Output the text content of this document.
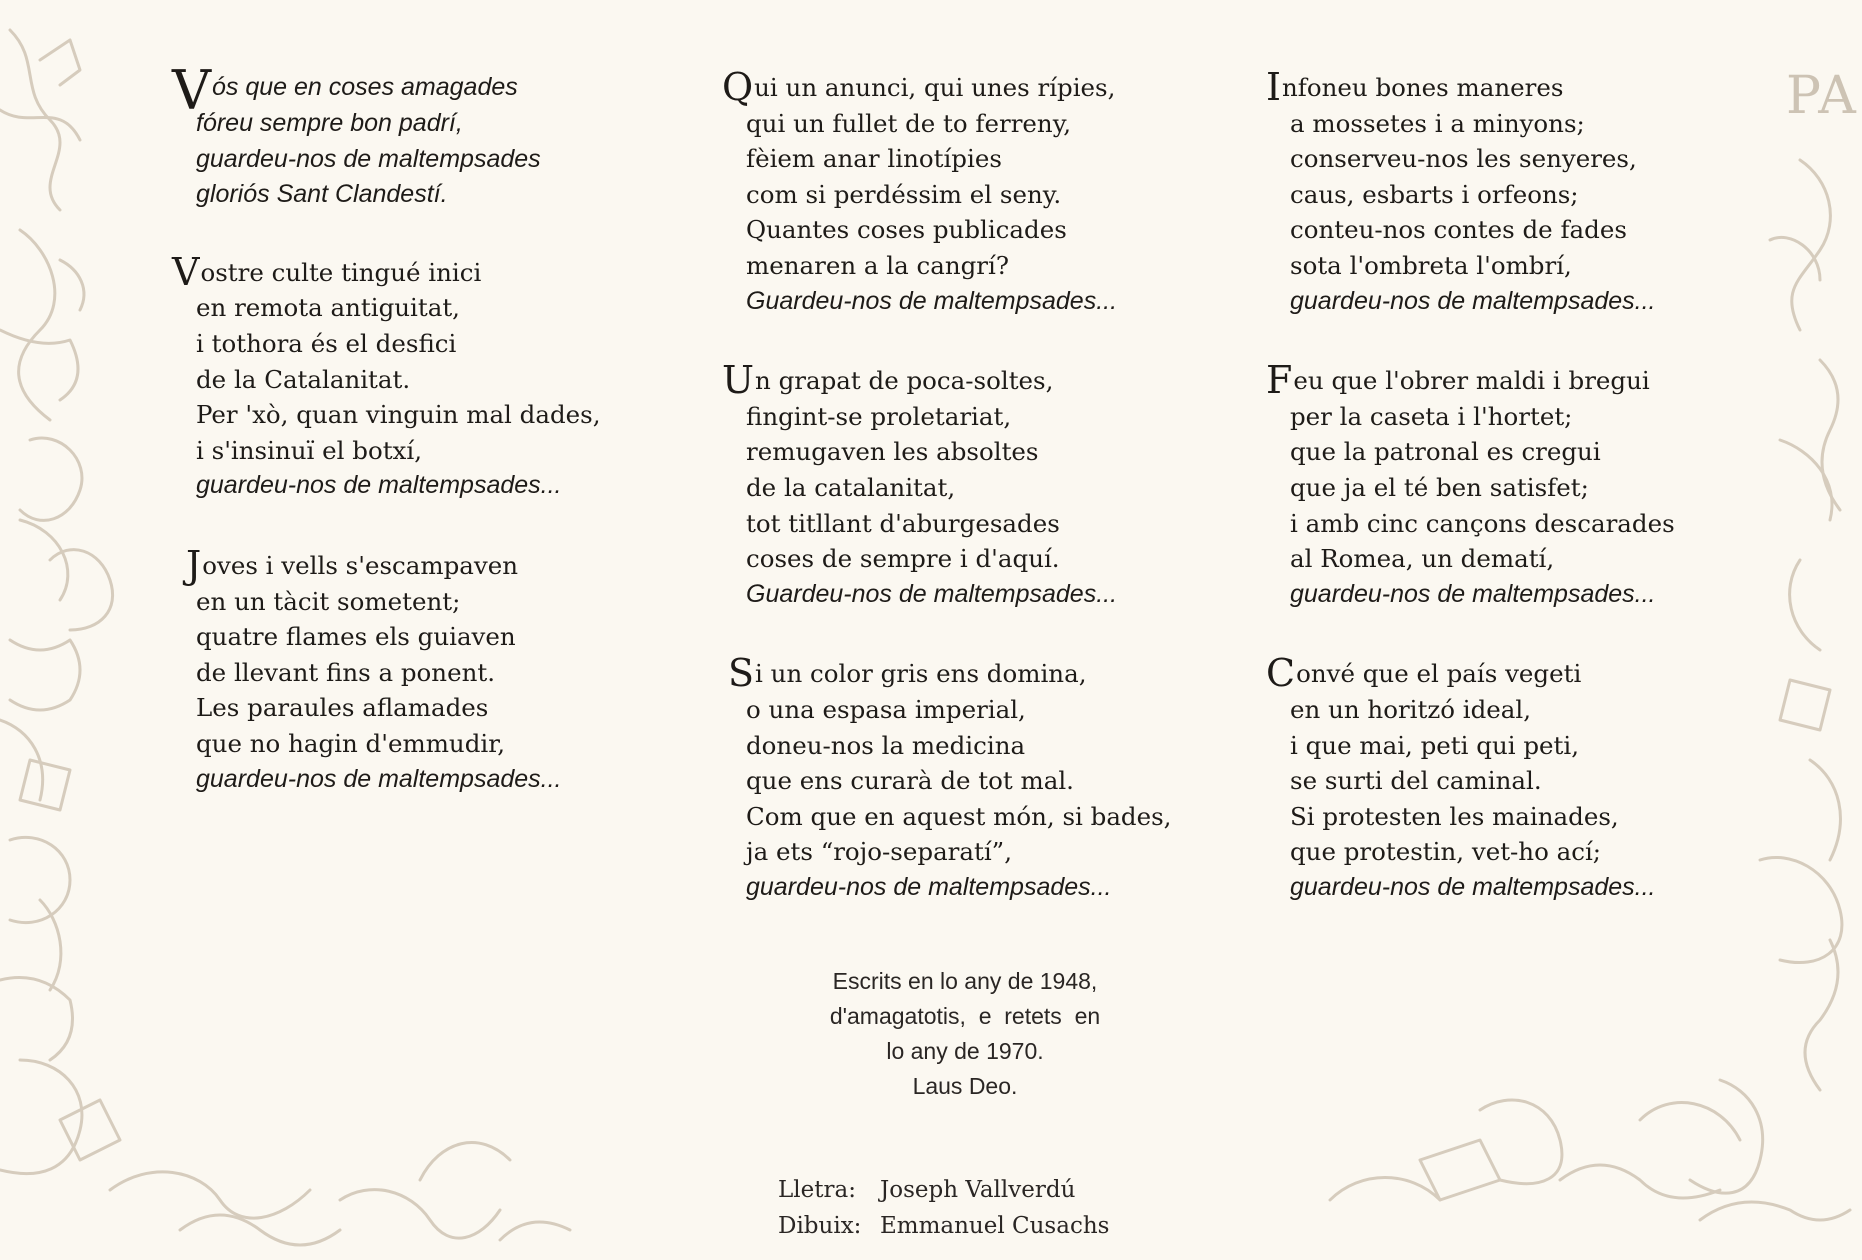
PA
Vós que en coses amagades
fóreu sempre bon padrí,
guardeu-nos de maltempsades
gloriós Sant Clandestí.
Vostre culte tingué inici
en remota antiguitat,
i tothora és el desfici
de la Catalanitat.
Per 'xò, quan vinguin mal dades,
i s'insinuï el botxí,
guardeu-nos de maltempsades...
Joves i vells s'escampaven
en un tàcit sometent;
quatre flames els guiaven
de llevant fins a ponent.
Les paraules aflamades
que no hagin d'emmudir,
guardeu-nos de maltempsades...
Qui un anunci, qui unes rípies,
qui un fullet de to ferreny,
fèiem anar linotípies
com si perdéssim el seny.
Quantes coses publicades
menaren a la cangrí?
Guardeu-nos de maltempsades...
Un grapat de poca-soltes,
fingint-se proletariat,
remugaven les absoltes
de la catalanitat,
tot titllant d'aburgesades
coses de sempre i d'aquí.
Guardeu-nos de maltempsades...
Si un color gris ens domina,
o una espasa imperial,
doneu-nos la medicina
que ens curarà de tot mal.
Com que en aquest món, si bades,
ja ets “rojo-separatí”,
guardeu-nos de maltempsades...
Infoneu bones maneres
a mossetes i a minyons;
conserveu-nos les senyeres,
caus, esbarts i orfeons;
conteu-nos contes de fades
sota l'ombreta l'ombrí,
guardeu-nos de maltempsades...
Feu que l'obrer maldi i bregui
per la caseta i l'hortet;
que la patronal es cregui
que ja el té ben satisfet;
i amb cinc cançons descarades
al Romea, un dematí,
guardeu-nos de maltempsades...
Convé que el país vegeti
en un horitzó ideal,
i que mai, peti qui peti,
se surti del caminal.
Si protesten les mainades,
que protestin, vet-ho ací;
guardeu-nos de maltempsades...
Escrits en lo any de 1948,
d'amagatotis,  e  retets  en
lo any de 1970.
Laus Deo.
Lletra: Joseph Vallverdú
Dibuix: Emmanuel Cusachs
